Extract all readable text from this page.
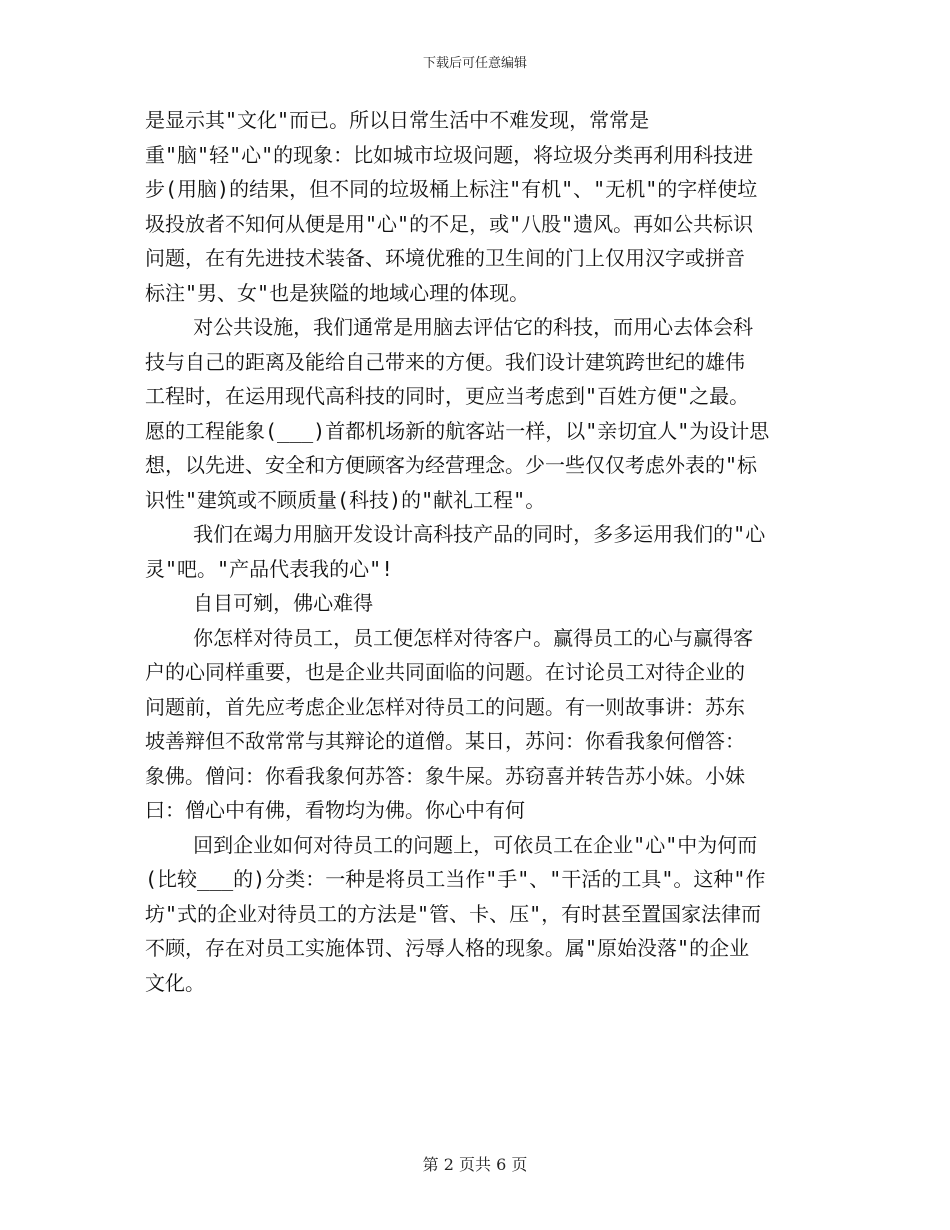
下载后可任意编辑
是显示其"文化"而已。所以日常生活中不难发现，常常是
重"脑"轻"心"的现象：比如城市垃圾问题，将垃圾分类再利用科技进
步(用脑)的结果，但不同的垃圾桶上标注"有机"、"无机"的字样使垃
圾投放者不知何从便是用"心"的不足，或"八股"遗风。再如公共标识
问题，在有先进技术装备、环境优雅的卫生间的门上仅用汉字或拼音
标注"男、女"也是狭隘的地域心理的体现。
对公共设施，我们通常是用脑去评估它的科技，而用心去体会科
技与自己的距离及能给自己带来的方便。我们设计建筑跨世纪的雄伟
工程时，在运用现代高科技的同时，更应当考虑到"百姓方便"之最。
愿的工程能象(___)首都机场新的航客站一样，以"亲切宜人"为设计思
想，以先进、安全和方便顾客为经营理念。少一些仅仅考虑外表的"标
识性"建筑或不顾质量(科技)的"献礼工程"。
我们在竭力用脑开发设计高科技产品的同时，多多运用我们的"心
灵"吧。"产品代表我的心"!
自目可剜，佛心难得
你怎样对待员工，员工便怎样对待客户。赢得员工的心与赢得客
户的心同样重要，也是企业共同面临的问题。在讨论员工对待企业的
问题前，首先应考虑企业怎样对待员工的问题。有一则故事讲：苏东
坡善辩但不敌常常与其辩论的道僧。某日，苏问：你看我象何僧答：
象佛。僧问：你看我象何苏答：象牛屎。苏窃喜并转告苏小妹。小妹
曰：僧心中有佛，看物均为佛。你心中有何
回到企业如何对待员工的问题上，可依员工在企业"心"中为何而
(比较___的)分类：一种是将员工当作"手"、"干活的工具"。这种"作
坊"式的企业对待员工的方法是"管、卡、压"，有时甚至置国家法律而
不顾，存在对员工实施体罚、污辱人格的现象。属"原始没落"的企业
文化。
第 2 页共 6 页
